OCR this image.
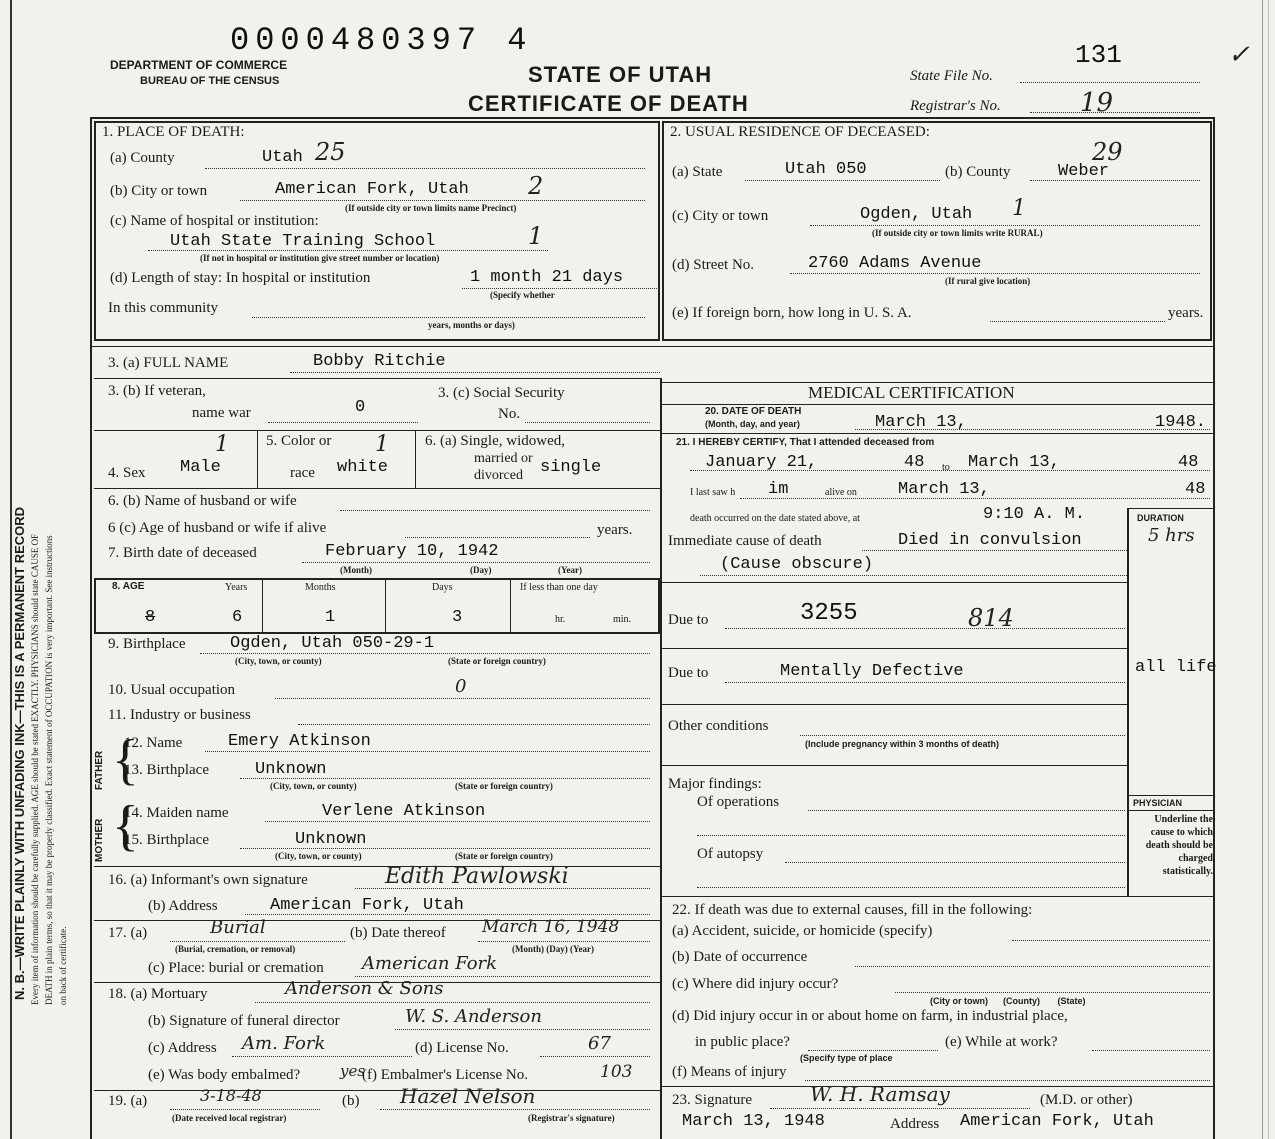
N. B.—WRITE PLAINLY WITH UNFADING INK—THIS IS A PERMANENT RECORD Every item of information should be carefully supplied. AGE should be stated EXACTLY. PHYSICIANS should state CAUSE OF DEATH in plain terms, so that it may be properly classified. Exact statement of OCCUPATION is very important. See instructions on back of certificate.
DEPARTMENT OF COMMERCE
BUREAU OF THE CENSUS
0000480397 4
STATE OF UTAH
CERTIFICATE OF DEATH
State File No.
131
Registrar's No.	19
✓
1. PLACE OF DEATH:
(a) County	Utah 25
(b) City or town	American Fork, Utah 2
(If outside city or town limits name Precinct)
(c) Name of hospital or institution:
Utah State Training School	1
(If not in hospital or institution give street number or location)
(d) Length of stay: In hospital or institution	1 month 21 days
(Specify whether
In this community
years, months or days)
2. USUAL RESIDENCE OF DECEASED:
(a) State	Utah 050	(b) County	Weber
29
(c) City or town	Ogden, Utah 1
(If outside city or town limits write RURAL)
(d) Street No.	2760 Adams Avenue
(If rural give location)
(e) If foreign born, how long in U. S. A.	years.
3. (a) FULL NAME	Bobby Ritchie
3. (b) If veteran,
name war	0
3. (c) Social Security
No.
4. Sex Male
1 5. Color or
race white
1 6. (a) Single, widowed,
married or
divorced single
6. (b) Name of husband or wife
6 (c) Age of husband or wife if alive	years.
7. Birth date of deceased	February 10, 1942
(Month)	(Day)	(Year)
8. AGE	Years	Months	Days	If less than one day
8	6	1	3	hr.	min.
9. Birthplace	Ogden, Utah 050-29-1
(City, town, or county)	(State or foreign country)
10. Usual occupation	0
11. Industry or business
FATHER
MOTHER
{
{
12. Name	Emery Atkinson
13. Birthplace	Unknown
(City, town, or county)	(State or foreign country)
14. Maiden name	Verlene Atkinson
15. Birthplace	Unknown
(City, town, or county)	(State or foreign country)
16. (a) Informant's own signature	Edith Pawlowski
(b) Address	American Fork, Utah
17. (a)	Burial
(Burial, cremation, or removal)
(b) Date thereof March 16, 1948
(Month) (Day) (Year)
(c) Place: burial or cremation American Fork
18. (a) Mortuary	Anderson & Sons
(b) Signature of funeral director	W. S. Anderson
(c) Address Am. Fork	(d) License No.	67
(e) Was body embalmed?	yes
(f) Embalmer's License No.	103
19. (a)	3-18-48
(Date received local registrar)
(b) Hazel Nelson
(Registrar's signature)
MEDICAL CERTIFICATION
20. DATE OF DEATH
(Month, day, and year)	March 13,	1948.
21. I HEREBY CERTIFY, That I attended deceased from
January 21,	48 to March 13,	48
I last saw h im	alive on March 13,	48
death occurred on the date stated above, at	9:10 A. M.	DURATION
Immediate cause of death	Died in convulsion	5 hrs
(Cause obscure)
Due to	3255	814
Due to	Mentally Defective	all life
Other conditions
(Include pregnancy within 3 months of death)
Major findings:
Of operations
Of autopsy
PHYSICIAN
Underline the cause to which death should be charged statistically.
22. If death was due to external causes, fill in the following:
(a) Accident, suicide, or homicide (specify)
(b) Date of occurrence
(c) Where did injury occur?
(City or town)      (County)       (State)
(d) Did injury occur in or about home on farm, in industrial place,
in public place?
(Specify type of place
(e) While at work?
(f) Means of injury
23. Signature	W. H. Ramsay	(M.D. or other)
March 13, 1948	Address American Fork, Utah
